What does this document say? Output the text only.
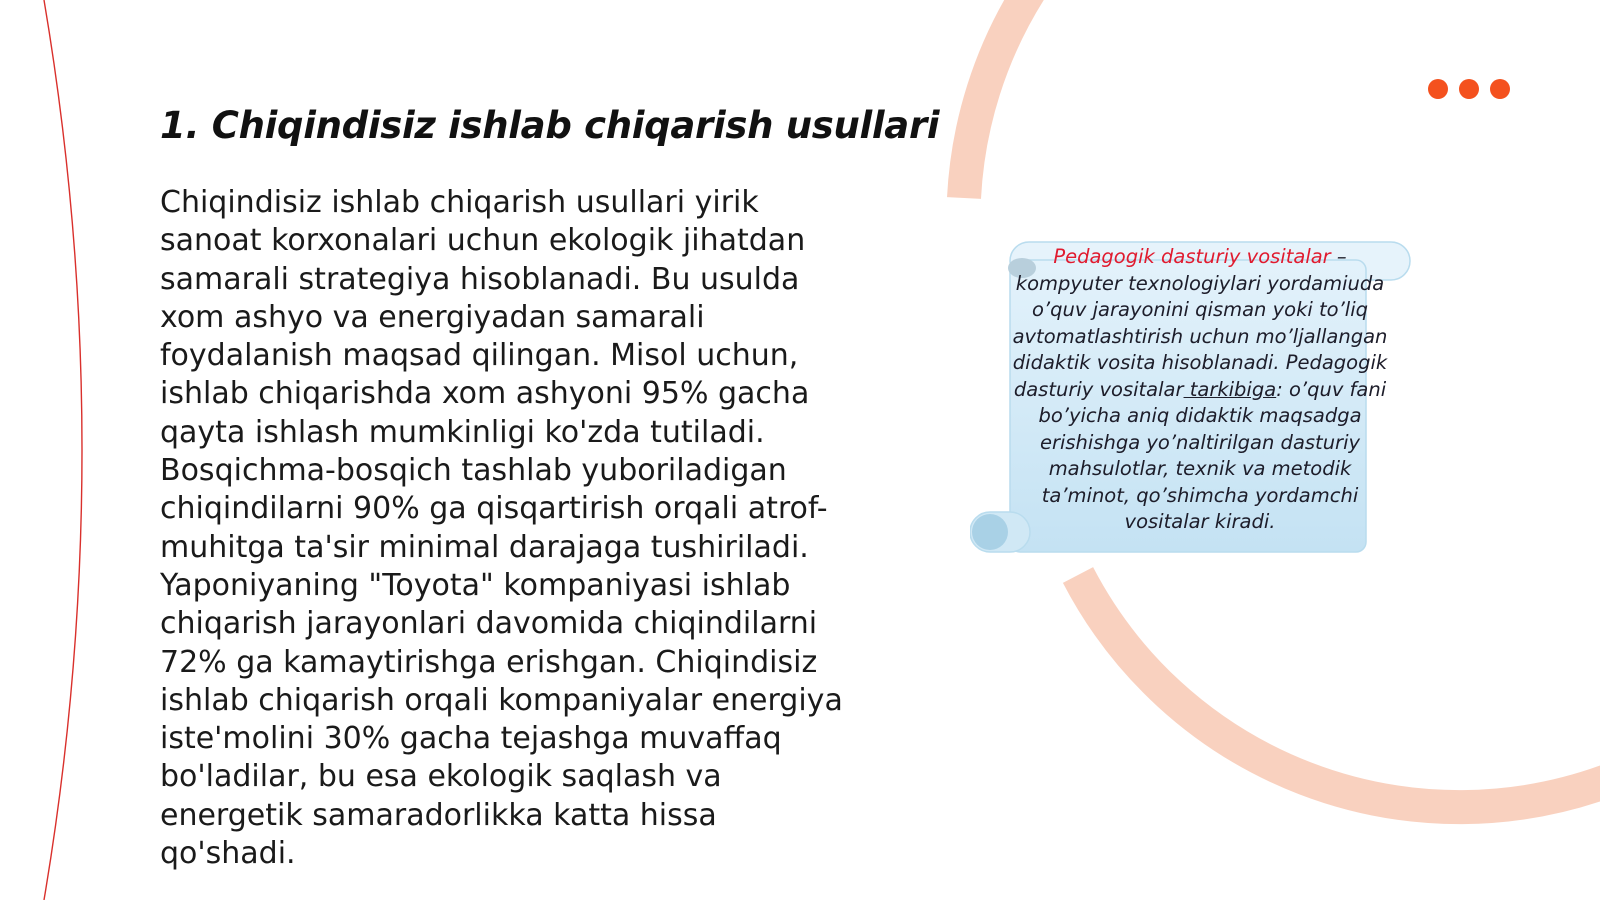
1. Chiqindisiz ishlab chiqarish usullari
Chiqindisiz ishlab chiqarish usullari yirik sanoat korxonalari uchun ekologik jihatdan samarali strategiya hisoblanadi. Bu usulda xom ashyo va energiyadan samarali foydalanish maqsad qilingan. Misol uchun, ishlab chiqarishda xom ashyoni 95% gacha qayta ishlash mumkinligi ko'zda tutiladi. Bosqichma-bosqich tashlab yuboriladigan chiqindilarni 90% ga qisqartirish orqali atrof-muhitga ta'sir minimal darajaga tushiriladi. Yaponiyaning "Toyota" kompaniyasi ishlab chiqarish jarayonlari davomida chiqindilarni 72% ga kamaytirishga erishgan. Chiqindisiz ishlab chiqarish orqali kompaniyalar energiya iste'molini 30% gacha tejashga muvaffaq bo'ladilar, bu esa ekologik saqlash va energetik samaradorlikka katta hissa qo'shadi.
Pedagogik dasturiy vositalar – kompyuter texnologiylari yordamiuda o’quv jarayonini qisman yoki to’liq avtomatlashtirish uchun mo’ljallangan didaktik vosita hisoblanadi. Pedagogik dasturiy vositalar tarkibiga: o’quv fani bo’yicha aniq didaktik maqsadga erishishga yo’naltirilgan dasturiy mahsulotlar, texnik va metodik ta’minot, qo’shimcha yordamchi vositalar kiradi.
